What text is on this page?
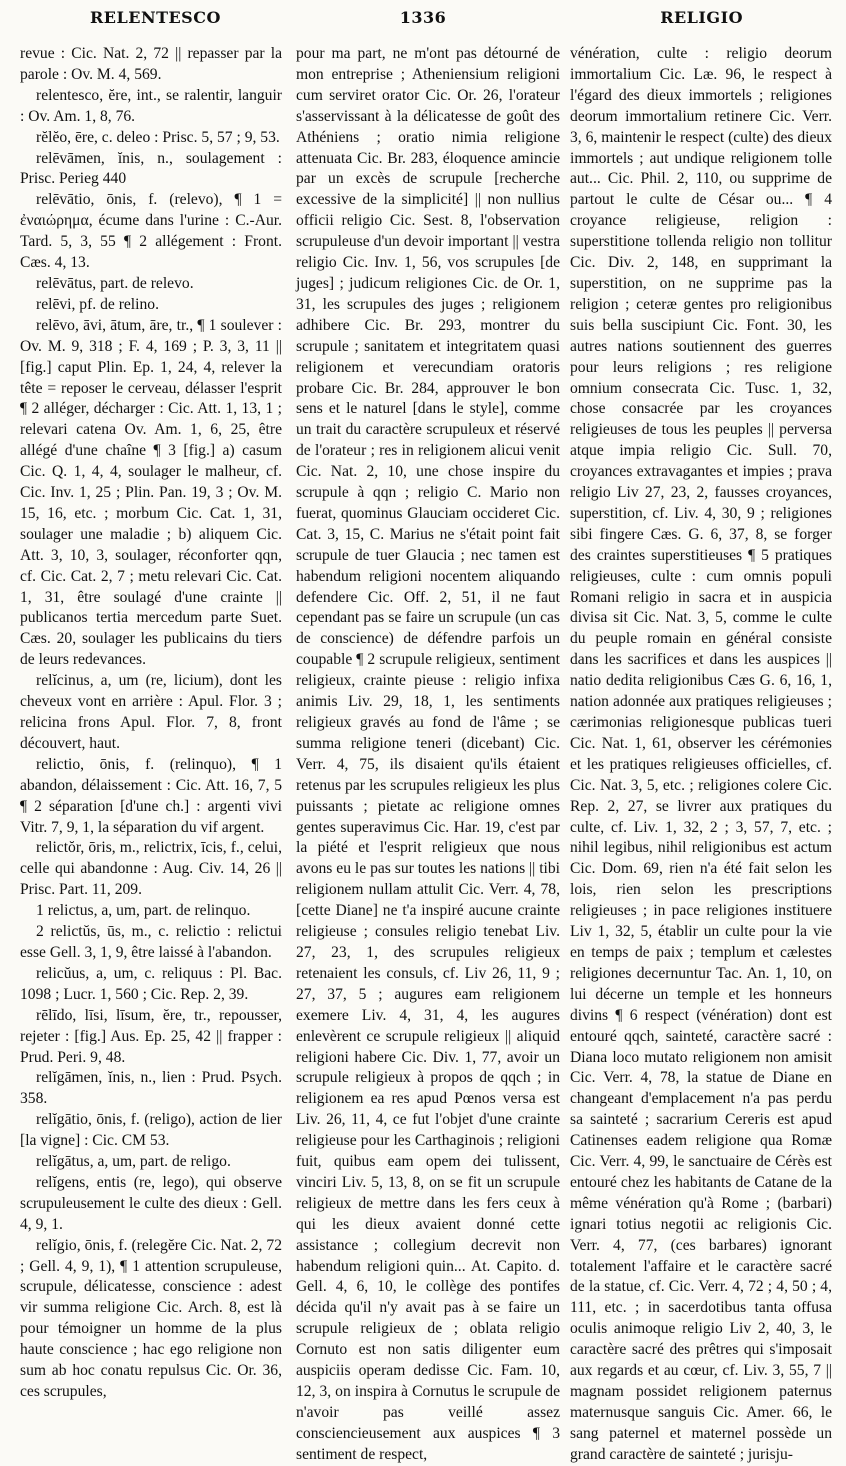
RELENTESCO	1336	RELIGIO

revue : Cic. Nat. 2, 72 || repasser par la parole : Ov. M. 4, 569.

relentesco, ĕre, int., se ralentir, languir : Ov. Am. 1, 8, 76.

rĕlĕo, ēre, c. deleo : Prisc. 5, 57 ; 9, 53.

relēvāmen, ĭnis, n., soulagement : Prisc. Perieg 440

relēvātio, ōnis, f. (relevo), ¶ 1 = ἐναιώρημα, écume dans l'urine : C.-Aur. Tard. 5, 3, 55 ¶ 2 allégement : Front. Cæs. 4, 13.

relēvātus, part. de relevo.

relēvi, pf. de relino.

relēvo, āvi, ātum, āre, tr., ¶ 1 soulever : Ov. M. 9, 318 ; F. 4, 169 ; P. 3, 3, 11 || [fig.] caput Plin. Ep. 1, 24, 4, relever la tête = reposer le cerveau, délasser l'esprit ¶ 2 alléger, décharger : Cic. Att. 1, 13, 1 ; relevari catena Ov. Am. 1, 6, 25, être allégé d'une chaîne ¶ 3 [fig.] a) casum Cic. Q. 1, 4, 4, soulager le malheur, cf. Cic. Inv. 1, 25 ; Plin. Pan. 19, 3 ; Ov. M. 15, 16, etc. ; morbum Cic. Cat. 1, 31, soulager une maladie ; b) aliquem Cic. Att. 3, 10, 3, soulager, réconforter qqn, cf. Cic. Cat. 2, 7 ; metu relevari Cic. Cat. 1, 31, être soulagé d'une crainte || publicanos tertia mercedum parte Suet. Cæs. 20, soulager les publicains du tiers de leurs redevances.

relĭcinus, a, um (re, licium), dont les cheveux vont en arrière : Apul. Flor. 3 ; relicina frons Apul. Flor. 7, 8, front découvert, haut.

relictio, ōnis, f. (relinquo), ¶ 1 abandon, délaissement : Cic. Att. 16, 7, 5 ¶ 2 séparation [d'une ch.] : argenti vivi Vitr. 7, 9, 1, la séparation du vif argent.

relictŏr, ōris, m., relictrix, īcis, f., celui, celle qui abandonne : Aug. Civ. 14, 26 || Prisc. Part. 11, 209.

1 relictus, a, um, part. de relinquo.

2 relictŭs, ūs, m., c. relictio : relictui esse Gell. 3, 1, 9, être laissé à l'abandon.

relicŭus, a, um, c. reliquus : Pl. Bac. 1098 ; Lucr. 1, 560 ; Cic. Rep. 2, 39.

rēlīdo, līsi, līsum, ĕre, tr., repousser, rejeter : [fig.] Aus. Ep. 25, 42 || frapper : Prud. Peri. 9, 48.

relĭgāmen, ĭnis, n., lien : Prud. Psych. 358.

relĭgātio, ōnis, f. (religo), action de lier [la vigne] : Cic. CM 53.

relĭgātus, a, um, part. de religo.

relĭgens, entis (re, lego), qui observe scrupuleusement le culte des dieux : Gell. 4, 9, 1.

relĭgio, ōnis, f. (relegĕre Cic. Nat. 2, 72 ; Gell. 4, 9, 1), ¶ 1 attention scrupuleuse, scrupule, délicatesse, conscience : adest vir summa religione Cic. Arch. 8, est là pour témoigner un homme de la plus haute conscience ; hac ego religione non sum ab hoc conatu repulsus Cic. Or. 36, ces scrupules,

pour ma part, ne m'ont pas détourné de mon entreprise ; Atheniensium religioni cum serviret orator Cic. Or. 26, l'orateur s'asservissant à la délicatesse de goût des Athéniens ; oratio nimia religione attenuata Cic. Br. 283, éloquence amincie par un excès de scrupule [recherche excessive de la simplicité] || non nullius officii religio Cic. Sest. 8, l'observation scrupuleuse d'un devoir important || vestra religio Cic. Inv. 1, 56, vos scrupules [de juges] ; judicum religiones Cic. de Or. 1, 31, les scrupules des juges ; religionem adhibere Cic. Br. 293, montrer du scrupule ; sanitatem et integritatem quasi religionem et verecundiam oratoris probare Cic. Br. 284, approuver le bon sens et le naturel [dans le style], comme un trait du caractère scrupuleux et réservé de l'orateur ; res in religionem alicui venit Cic. Nat. 2, 10, une chose inspire du scrupule à qqn ; religio C. Mario non fuerat, quominus Glauciam occideret Cic. Cat. 3, 15, C. Marius ne s'était point fait scrupule de tuer Glaucia ; nec tamen est habendum religioni nocentem aliquando defendere Cic. Off. 2, 51, il ne faut cependant pas se faire un scrupule (un cas de conscience) de défendre parfois un coupable ¶ 2 scrupule religieux, sentiment religieux, crainte pieuse : religio infixa animis Liv. 29, 18, 1, les sentiments religieux gravés au fond de l'âme ; se summa religione teneri (dicebant) Cic. Verr. 4, 75, ils disaient qu'ils étaient retenus par les scrupules religieux les plus puissants ; pietate ac religione omnes gentes superavimus Cic. Har. 19, c'est par la piété et l'esprit religieux que nous avons eu le pas sur toutes les nations || tibi religionem nullam attulit Cic. Verr. 4, 78, [cette Diane] ne t'a inspiré aucune crainte religieuse ; consules religio tenebat Liv. 27, 23, 1, des scrupules religieux retenaient les consuls, cf. Liv 26, 11, 9 ; 27, 37, 5 ; augures eam religionem exemere Liv. 4, 31, 4, les augures enlevèrent ce scrupule religieux || aliquid religioni habere Cic. Div. 1, 77, avoir un scrupule religieux à propos de qqch ; in religionem ea res apud Pœnos versa est Liv. 26, 11, 4, ce fut l'objet d'une crainte religieuse pour les Carthaginois ; religioni fuit, quibus eam opem dei tulissent, vinciri Liv. 5, 13, 8, on se fit un scrupule religieux de mettre dans les fers ceux à qui les dieux avaient donné cette assistance ; collegium decrevit non habendum religioni quin... At. Capito. d. Gell. 4, 6, 10, le collège des pontifes décida qu'il n'y avait pas à se faire un scrupule religieux de ; oblata religio Cornuto est non satis diligenter eum auspiciis operam dedisse Cic. Fam. 10, 12, 3, on inspira à Cornutus le scrupule de n'avoir pas veillé assez consciencieusement aux auspices ¶ 3 sentiment de respect,

vénération, culte : religio deorum immortalium Cic. Læ. 96, le respect à l'égard des dieux immortels ; religiones deorum immortalium retinere Cic. Verr. 3, 6, maintenir le respect (culte) des dieux immortels ; aut undique religionem tolle aut... Cic. Phil. 2, 110, ou supprime de partout le culte de César ou... ¶ 4 croyance religieuse, religion : superstitione tollenda religio non tollitur Cic. Div. 2, 148, en supprimant la superstition, on ne supprime pas la religion ; ceteræ gentes pro religionibus suis bella suscipiunt Cic. Font. 30, les autres nations soutiennent des guerres pour leurs religions ; res religione omnium consecrata Cic. Tusc. 1, 32, chose consacrée par les croyances religieuses de tous les peuples || perversa atque impia religio Cic. Sull. 70, croyances extravagantes et impies ; prava religio Liv 27, 23, 2, fausses croyances, superstition, cf. Liv. 4, 30, 9 ; religiones sibi fingere Cæs. G. 6, 37, 8, se forger des craintes superstitieuses ¶ 5 pratiques religieuses, culte : cum omnis populi Romani religio in sacra et in auspicia divisa sit Cic. Nat. 3, 5, comme le culte du peuple romain en général consiste dans les sacrifices et dans les auspices || natio dedita religionibus Cæs G. 6, 16, 1, nation adonnée aux pratiques religieuses ; cærimonias religionesque publicas tueri Cic. Nat. 1, 61, observer les cérémonies et les pratiques religieuses officielles, cf. Cic. Nat. 3, 5, etc. ; religiones colere Cic. Rep. 2, 27, se livrer aux pratiques du culte, cf. Liv. 1, 32, 2 ; 3, 57, 7, etc. ; nihil legibus, nihil religionibus est actum Cic. Dom. 69, rien n'a été fait selon les lois, rien selon les prescriptions religieuses ; in pace religiones instituere Liv 1, 32, 5, établir un culte pour la vie en temps de paix ; templum et cælestes religiones decernuntur Tac. An. 1, 10, on lui décerne un temple et les honneurs divins ¶ 6 respect (vénération) dont est entouré qqch, sainteté, caractère sacré : Diana loco mutato religionem non amisit Cic. Verr. 4, 78, la statue de Diane en changeant d'emplacement n'a pas perdu sa sainteté ; sacrarium Cereris est apud Catinenses eadem religione qua Romæ Cic. Verr. 4, 99, le sanctuaire de Cérès est entouré chez les habitants de Catane de la même vénération qu'à Rome ; (barbari) ignari totius negotii ac religionis Cic. Verr. 4, 77, (ces barbares) ignorant totalement l'affaire et le caractère sacré de la statue, cf. Cic. Verr. 4, 72 ; 4, 50 ; 4, 111, etc. ; in sacerdotibus tanta offusa oculis animoque religio Liv 2, 40, 3, le caractère sacré des prêtres qui s'imposait aux regards et au cœur, cf. Liv. 3, 55, 7 || magnam possidet religionem paternus maternusque sanguis Cic. Amer. 66, le sang paternel et maternel possède un grand caractère de sainteté ; jurisju-
